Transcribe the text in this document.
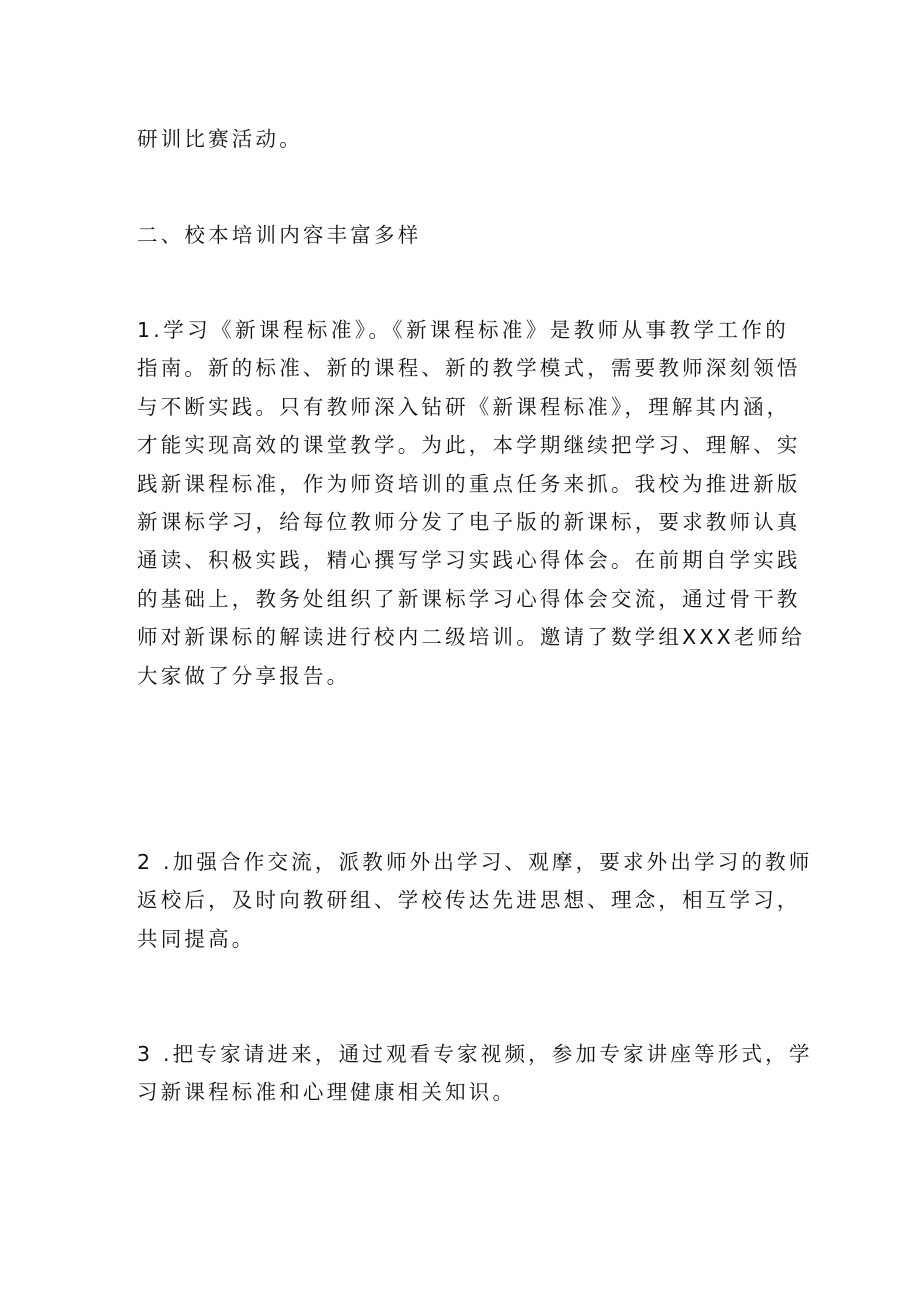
研训比赛活动。

二、校本培训内容丰富多样

1.学习《新课程标准》。《新课程标准》是教师从事教学工作的
指南。新的标准、新的课程、新的教学模式，需要教师深刻领悟
与不断实践。只有教师深入钻研《新课程标准》，理解其内涵，
才能实现高效的课堂教学。为此，本学期继续把学习、理解、实
践新课程标准，作为师资培训的重点任务来抓。我校为推进新版
新课标学习，给每位教师分发了电子版的新课标，要求教师认真
通读、积极实践，精心撰写学习实践心得体会。在前期自学实践
的基础上，教务处组织了新课标学习心得体会交流，通过骨干教
师对新课标的解读进行校内二级培训。邀请了数学组XXX老师给
大家做了分享报告。

2 .加强合作交流，派教师外出学习、观摩，要求外出学习的教师
返校后，及时向教研组、学校传达先进思想、理念，相互学习，
共同提高。

3 .把专家请进来，通过观看专家视频，参加专家讲座等形式，学
习新课程标准和心理健康相关知识。
